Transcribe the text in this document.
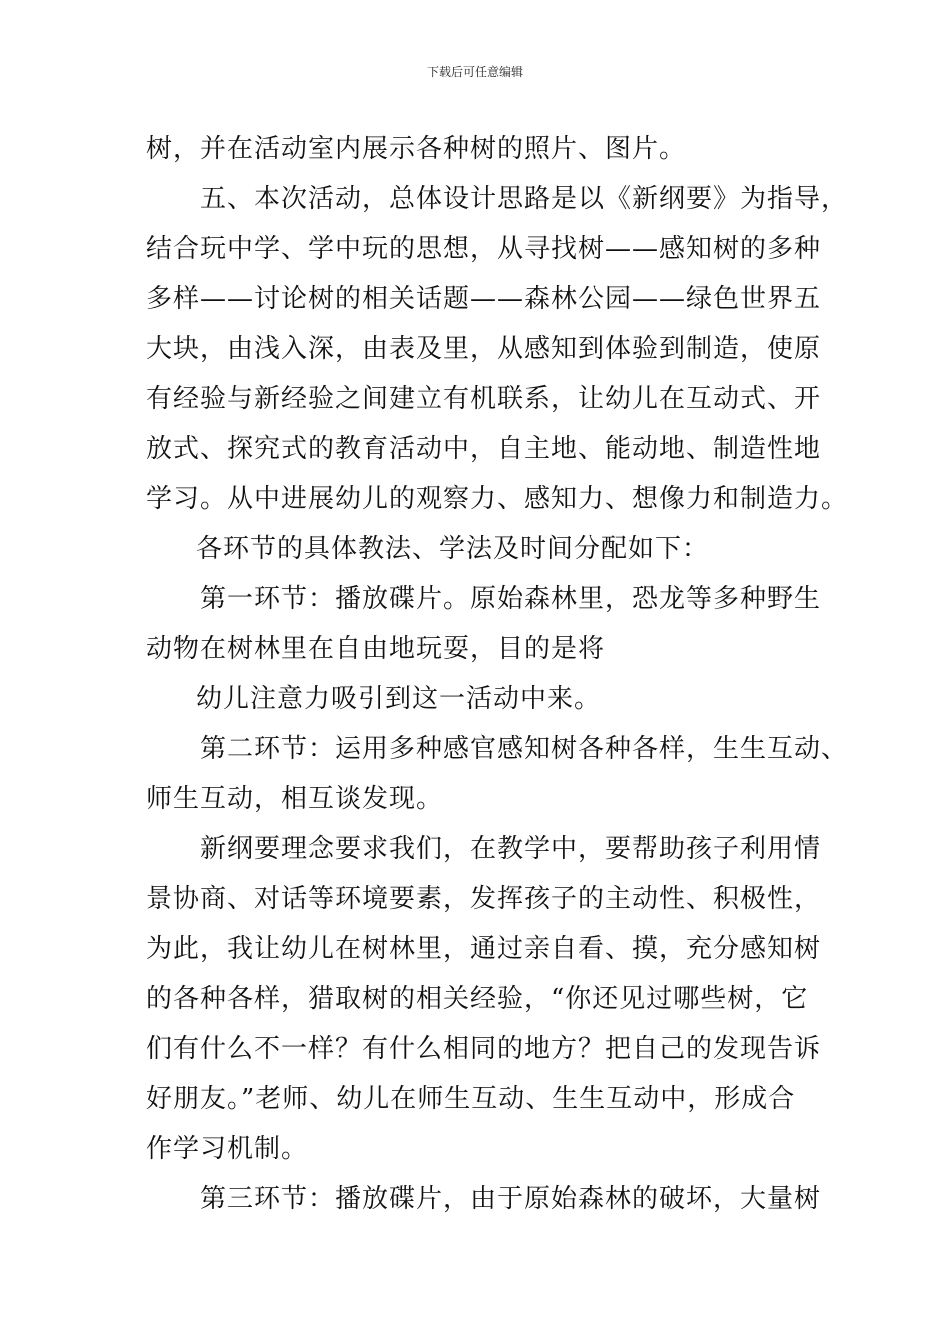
下载后可任意编辑
树，并在活动室内展示各种树的照片、图片。
五、本次活动，总体设计思路是以《新纲要》为指导，
结合玩中学、学中玩的思想，从寻找树——感知树的多种
多样——讨论树的相关话题——森林公园——绿色世界五
大块，由浅入深，由表及里，从感知到体验到制造，使原
有经验与新经验之间建立有机联系，让幼儿在互动式、开
放式、探究式的教育活动中，自主地、能动地、制造性地
学习。从中进展幼儿的观察力、感知力、想像力和制造力。
各环节的具体教法、学法及时间分配如下：
第一环节：播放碟片。原始森林里，恐龙等多种野生
动物在树林里在自由地玩耍，目的是将
幼儿注意力吸引到这一活动中来。
第二环节：运用多种感官感知树各种各样，生生互动、
师生互动，相互谈发现。
新纲要理念要求我们，在教学中，要帮助孩子利用情
景协商、对话等环境要素，发挥孩子的主动性、积极性，
为此，我让幼儿在树林里，通过亲自看、摸，充分感知树
的各种各样，猎取树的相关经验，“你还见过哪些树，它
们有什么不一样？有什么相同的地方？把自己的发现告诉
好朋友。”老师、幼儿在师生互动、生生互动中，形成合
作学习机制。
第三环节：播放碟片，由于原始森林的破坏，大量树
